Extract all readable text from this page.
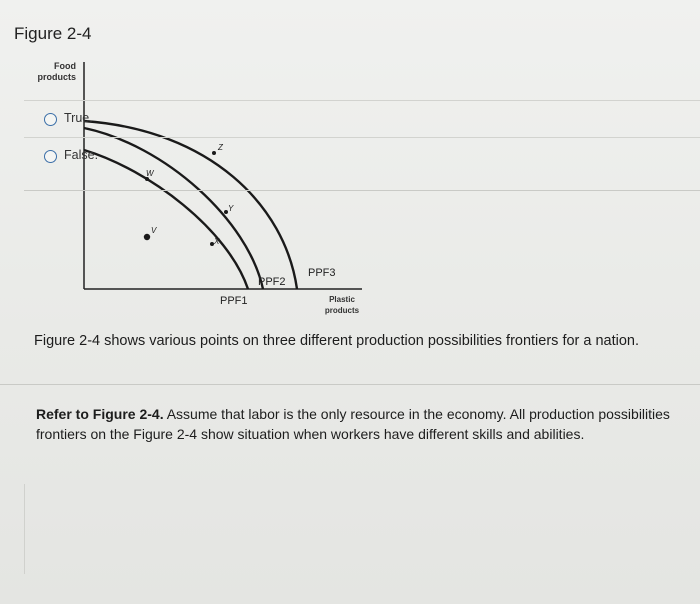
Figure 2-4
Food
products
Plastic
products
PPF1
PPF2
PPF3
W
Z
Y
X
V
Figure 2-4 shows various points on three different production possibilities frontiers for a nation.
Refer to Figure 2-4. Assume that labor is the only resource in the economy. All production possibilities frontiers on the Figure 2-4 show situation when workers have different skills and abilities.
True.
False.
